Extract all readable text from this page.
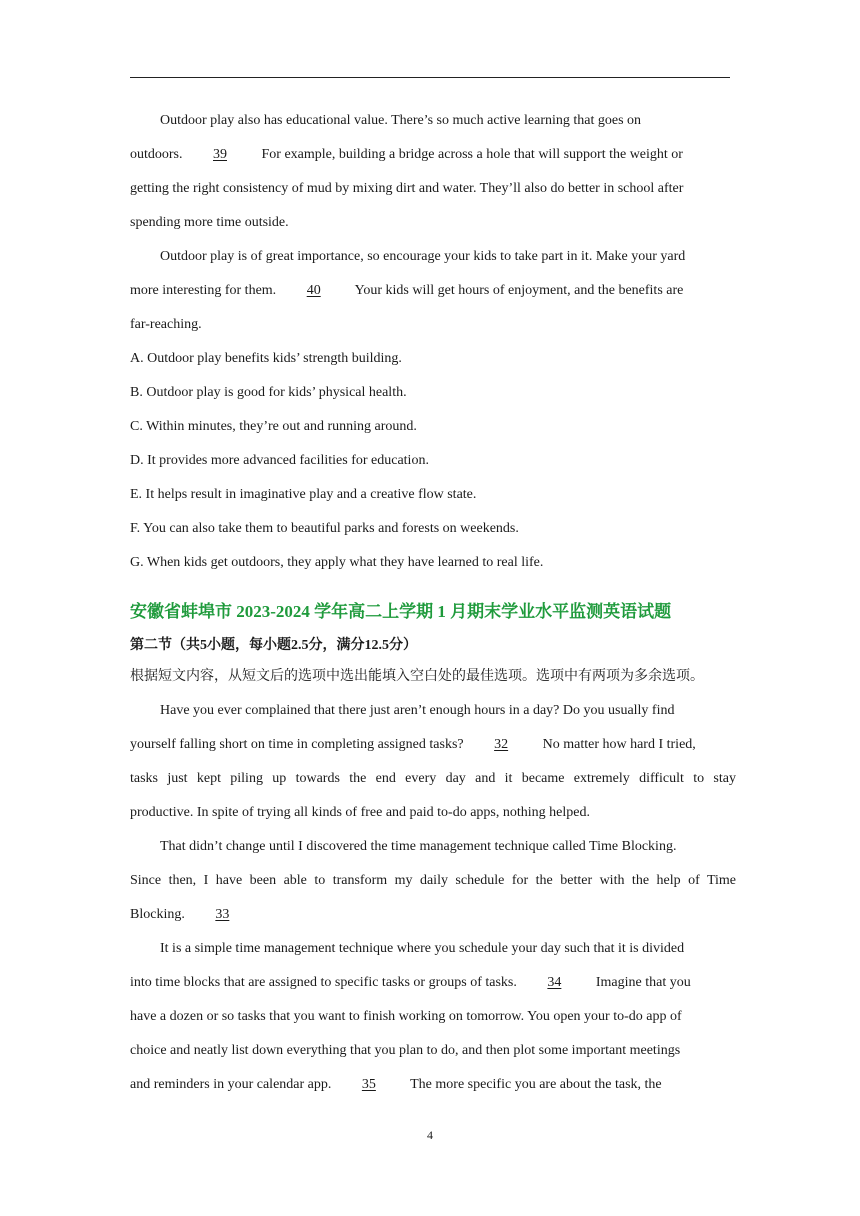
Outdoor play also has educational value. There’s so much active learning that goes on
outdoors. 39 For example, building a bridge across a hole that will support the weight or
getting the right consistency of mud by mixing dirt and water. They’ll also do better in school after
spending more time outside.
Outdoor play is of great importance, so encourage your kids to take part in it. Make your yard
more interesting for them. 40 Your kids will get hours of enjoyment, and the benefits are
far-reaching.
A. Outdoor play benefits kids’ strength building.
B. Outdoor play is good for kids’ physical health.
C. Within minutes, they’re out and running around.
D. It provides more advanced facilities for education.
E. It helps result in imaginative play and a creative flow state.
F. You can also take them to beautiful parks and forests on weekends.
G. When kids get outdoors, they apply what they have learned to real life.
安徽省蚌埠市 2023-2024 学年高二上学期 1 月期末学业水平监测英语试题
第二节（共5小题，每小题2.5分，满分12.5分）
根据短文内容，从短文后的选项中选出能填入空白处的最佳选项。选项中有两项为多余选项。
Have you ever complained that there just aren’t enough hours in a day? Do you usually find
yourself falling short on time in completing assigned tasks? 32 No matter how hard I tried,
tasks just kept piling up towards the end every day and it became extremely difficult to stay
productive. In spite of trying all kinds of free and paid to-do apps, nothing helped.
That didn’t change until I discovered the time management technique called Time Blocking.
Since then, I have been able to transform my daily schedule for the better with the help of Time
Blocking. 33
It is a simple time management technique where you schedule your day such that it is divided
into time blocks that are assigned to specific tasks or groups of tasks. 34 Imagine that you
have a dozen or so tasks that you want to finish working on tomorrow. You open your to-do app of
choice and neatly list down everything that you plan to do, and then plot some important meetings
and reminders in your calendar app. 35 The more specific you are about the task, the
4
